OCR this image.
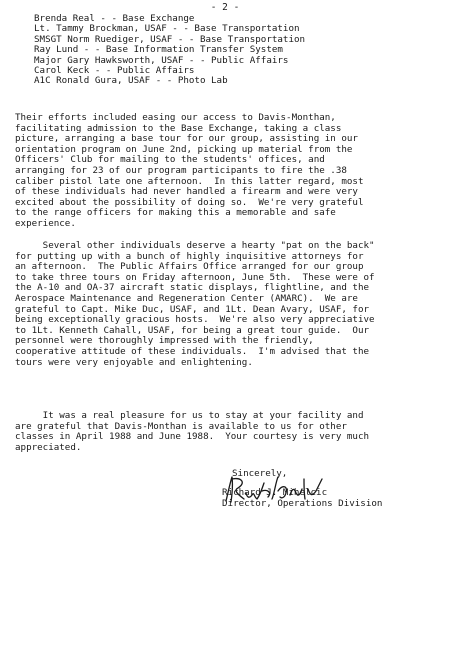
- 2 -
Brenda Real - - Base Exchange
Lt. Tammy Brockman, USAF - - Base Transportation
SMSGT Norm Ruediger, USAF - - Base Transportation
Ray Lund - - Base Information Transfer System
Major Gary Hawksworth, USAF - - Public Affairs
Carol Keck - - Public Affairs
A1C Ronald Gura, USAF - - Photo Lab

Their efforts included easing our access to Davis-Monthan,
facilitating admission to the Base Exchange, taking a class
picture, arranging a base tour for our group, assisting in our
orientation program on June 2nd, picking up material from the
Officers' Club for mailing to the students' offices, and
arranging for 23 of our program participants to fire the .38
caliber pistol late one afternoon.  In this latter regard, most
of these individuals had never handled a firearm and were very
excited about the possibility of doing so.  We're very grateful
to the range officers for making this a memorable and safe
experience.

Several other individuals deserve a hearty "pat on the back"
for putting up with a bunch of highly inquisitive attorneys for
an afternoon.  The Public Affairs Office arranged for our group
to take three tours on Friday afternoon, June 5th.  These were of
the A-10 and OA-37 aircraft static displays, flightline, and the
Aerospace Maintenance and Regeneration Center (AMARC).  We are
grateful to Capt. Mike Duc, USAF, and 1Lt. Dean Avary, USAF, for
being exceptionally gracious hosts.  We're also very appreciative
to 1Lt. Kenneth Cahall, USAF, for being a great tour guide.  Our
personnel were thoroughly impressed with the friendly,
cooperative attitude of these individuals.  I'm advised that the
tours were very enjoyable and enlightening.

It was a real pleasure for us to stay at your facility and
are grateful that Davis-Monthan is available to us for other
classes in April 1988 and June 1988.  Your courtesy is very much
appreciated.

Sincerely,
Richard J. Mihelcic
Director, Operations Division
